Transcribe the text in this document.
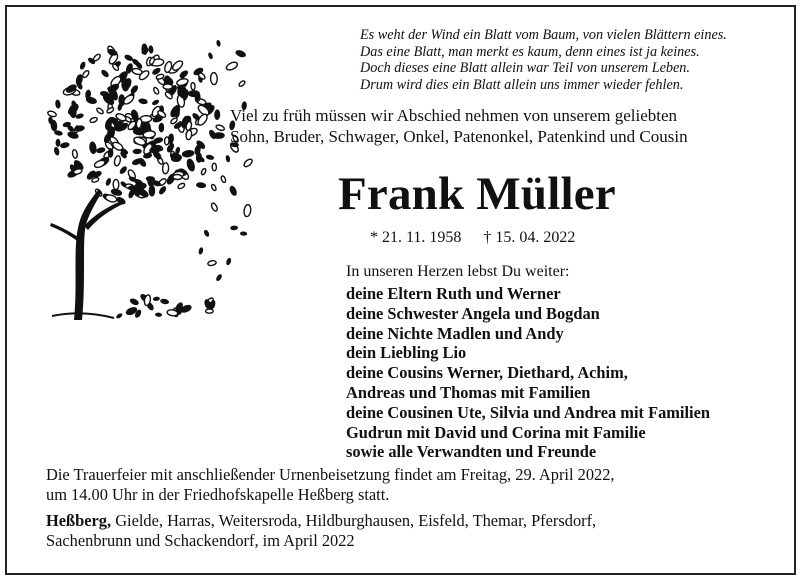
Es weht der Wind ein Blatt vom Baum, von vielen Blättern eines.
Das eine Blatt, man merkt es kaum, denn eines ist ja keines.
Doch dieses eine Blatt allein war Teil von unserem Leben.
Drum wird dies ein Blatt allein uns immer wieder fehlen.
Viel zu früh müssen wir Abschied nehmen von unserem geliebten
Sohn, Bruder, Schwager, Onkel, Patenonkel, Patenkind und Cousin
Frank Müller
* 21. 11. 1958 † 15. 04. 2022
In unseren Herzen lebst Du weiter:
deine Eltern Ruth und Werner
deine Schwester Angela und Bogdan
deine Nichte Madlen und Andy
dein Liebling Lio
deine Cousins Werner, Diethard, Achim,
Andreas und Thomas mit Familien
deine Cousinen Ute, Silvia und Andrea mit Familien
Gudrun mit David und Corina mit Familie
sowie alle Verwandten und Freunde
Die Trauerfeier mit anschließender Urnenbeisetzung findet am Freitag, 29. April 2022,
um 14.00 Uhr in der Friedhofskapelle Heßberg statt.
Heßberg, Gielde, Harras, Weitersroda, Hildburghausen, Eisfeld, Themar, Pfersdorf,
Sachenbrunn und Schackendorf, im April 2022
